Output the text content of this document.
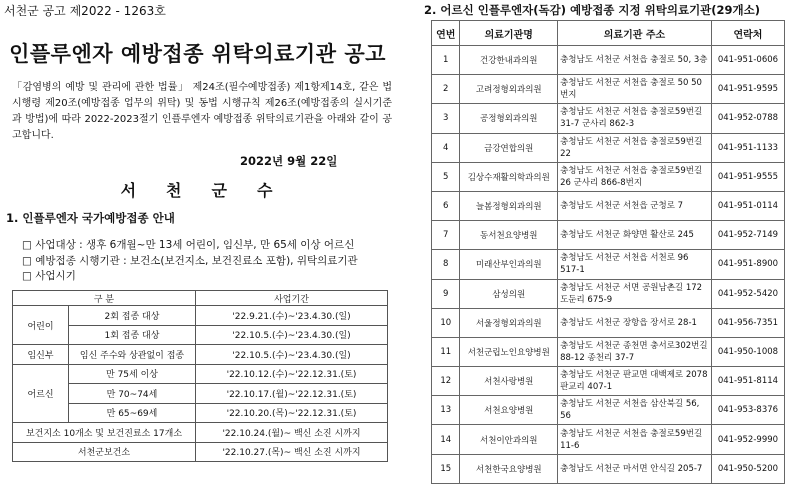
서천군 공고 제2022 - 1263호
인플루엔자 예방접종 위탁의료기관 공고
「감염병의 예방 및 관리에 관한 법률」 제24조(필수예방접종) 제1항제14호, 같은 법 시행령 제20조(예방접종 업무의 위탁) 및 동법 시행규칙 제26조(예방접종의 실시기준과 방법)에 따라 2022-2023절기 인플루엔자 예방접종 위탁의료기관을 아래와 같이 공고합니다.
2022년 9월 22일
서천군수
1. 인플루엔자 국가예방접종 안내
□ 사업대상 : 생후 6개월~만 13세 어린이, 임신부, 만 65세 이상 어르신
□ 예방접종 시행기관 : 보건소(보건지소, 보건진료소 포함), 위탁의료기관
□ 사업시기
구 분		사업기간
어린이	2회 접종 대상	'22.9.21.(수)~'23.4.30.(일)
	1회 접종 대상	'22.10.5.(수)~'23.4.30.(일)
임신부	임신 주수와 상관없이 접종	'22.10.5.(수)~'23.4.30.(일)
어르신	만 75세 이상	'22.10.12.(수)~'22.12.31.(토)
	만 70~74세	'22.10.17.(월)~'22.12.31.(토)
	만 65~69세	'22.10.20.(목)~'22.12.31.(토)
보건지소 10개소 및 보건진료소 17개소		'22.10.24.(월)~ 백신 소진 시까지
서천군보건소		'22.10.27.(목)~ 백신 소진 시까지
2. 어르신 인플루엔자(독감) 예방접종 지정 위탁의료기관(29개소)
연번	의료기관명	의료기관 주소	연락처
1	건강한내과의원	충청남도 서천군 서천읍 충절로 50, 3층	041-951-0606
2	고려정형외과의원	충청남도 서천군 서천읍 충절로 50 50번지	041-951-9595
3	공정형외과의원	충청남도 서천군 서천읍 충절로59번길 31-7 군사리 862-3	041-952-0788
4	금강연합의원	충청남도 서천군 서천읍 충절로59번길 22	041-951-1133
5	김상수재활의학과의원	충청남도 서천군 서천읍 충절로59번길 26 군사리 866-8번지	041-951-9555
6	늘봄정형외과의원	충청남도 서천군 서천읍 군청로 7	041-951-0114
7	동서천요양병원	충청남도 서천군 화양면 활산로 245	041-952-7149
8	미래산부인과의원	충청남도 서천군 서천읍 서천로 96 517-1	041-951-8900
9	삼성의원	충청남도 서천군 서면 공원남촌길 172 도둔리 675-9	041-952-5420
10	서울정형외과의원	충청남도 서천군 장항읍 장서로 28-1	041-956-7351
11	서천군립노인요양병원	충청남도 서천군 종천면 충서로302번길 88-12 종천리 37-7	041-950-1008
12	서천사랑병원	충청남도 서천군 판교면 대백제로 2078 판교리 407-1	041-951-8114
13	서천요양병원	충청남도 서천군 서천읍 삼산북길 56, 56	041-953-8376
14	서천이안과의원	충청남도 서천군 서천읍 충절로59번길 11-6	041-952-9990
15	서천한국요양병원	충청남도 서천군 마서면 안식길 205-7	041-950-5200
